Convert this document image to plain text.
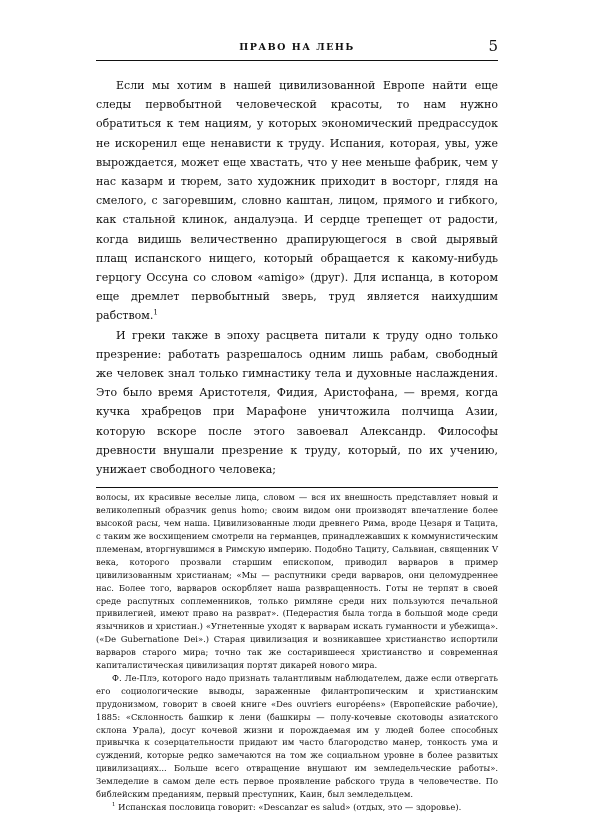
ПРАВО НА ЛЕНЬ	5

Если мы хотим в нашей цивилизованной Европе найти еще следы первобытной человеческой красоты, то нам нужно обратиться к тем нациям, у которых экономический предрассудок не искоренил еще ненависти к труду. Испания, которая, увы, уже вырождается, может еще хвастать, что у нее меньше фабрик, чем у нас казарм и тюрем, зато художник приходит в восторг, глядя на смелого, с загоревшим, словно каштан, лицом, прямого и гибкого, как стальной клинок, андалуэца. И сердце трепещет от радости, когда видишь величественно драпирующегося в свой дырявый плащ испанского нищего, который обращается к какому-нибудь герцогу Оссуна со словом «amigo» (друг). Для испанца, в котором еще дремлет первобытный зверь, труд является наихудшим рабством.$^1$

И греки также в эпоху расцвета питали к труду одно только презрение: работать разрешалось одним лишь рабам, свободный же человек знал только гимнастику тела и духовные наслаждения. Это было время Аристотеля, Фидия, Аристофана, — время, когда кучка храбрецов при Марафоне уничтожила полчища Азии, которую вскоре после этого завоевал Александр. Философы древности внушали презрение к труду, который, по их учению, унижает свободного человека;

волосы, их красивые веселые лица, словом — вся их внешность представляет новый и великолепный образчик genus homo; своим видом они производят впечатление более высокой расы, чем наша. Цивилизованные люди древнего Рима, вроде Цезаря и Тацита, с таким же восхищением смотрели на германцев, принадлежавших к коммунистическим племенам, вторгнувшимся в Римскую империю. Подобно Тациту, Сальвиан, священник V века, которого прозвали старшим епископом, приводил варваров в пример цивилизованным христианам; «Мы — распутники среди варваров, они целомудреннее нас. Более того, варваров оскорбляет наша развращенность. Готы не терпят в своей среде распутных соплеменников, только римляне среди них пользуются печальной привилегией, имеют право на разврат». (Педерастия была тогда в большой моде среди язычников и христиан.) «Угнетенные уходят к варварам искать гуманности и убежища». («De Gubernatione Dei».) Старая цивилизация и возникавшее христианство испортили варваров старого мира; точно так же состарившееся христианство и современная капиталистическая цивилизация портят дикарей нового мира.

Ф. Ле-Плэ, которого надо признать талантливым наблюдателем, даже если отвергать его социологические выводы, зараженные филантропическим и христианским прудонизмом, говорит в своей книге «Des ouvriers européens» (Европейские рабочие), 1885: «Склонность башкир к лени (башкиры — полу-кочевые скотоводы азиатского склона Урала), досуг кочевой жизни и порождаемая им у людей более способных привычка к созерцательности придают им часто благородство манер, тонкость ума и суждений, которые редко замечаются на том же социальном уровне в более развитых цивилизациях... Больше всего отвращение внушают им земледельческие работы». Земледелие в самом деле есть первое проявление рабского труда в человечестве. По библейским преданиям, первый преступник, Каин, был земледельцем.

$^1$ Испанская пословица говорит: «Descanzar es salud» (отдых, это — здоровье).
